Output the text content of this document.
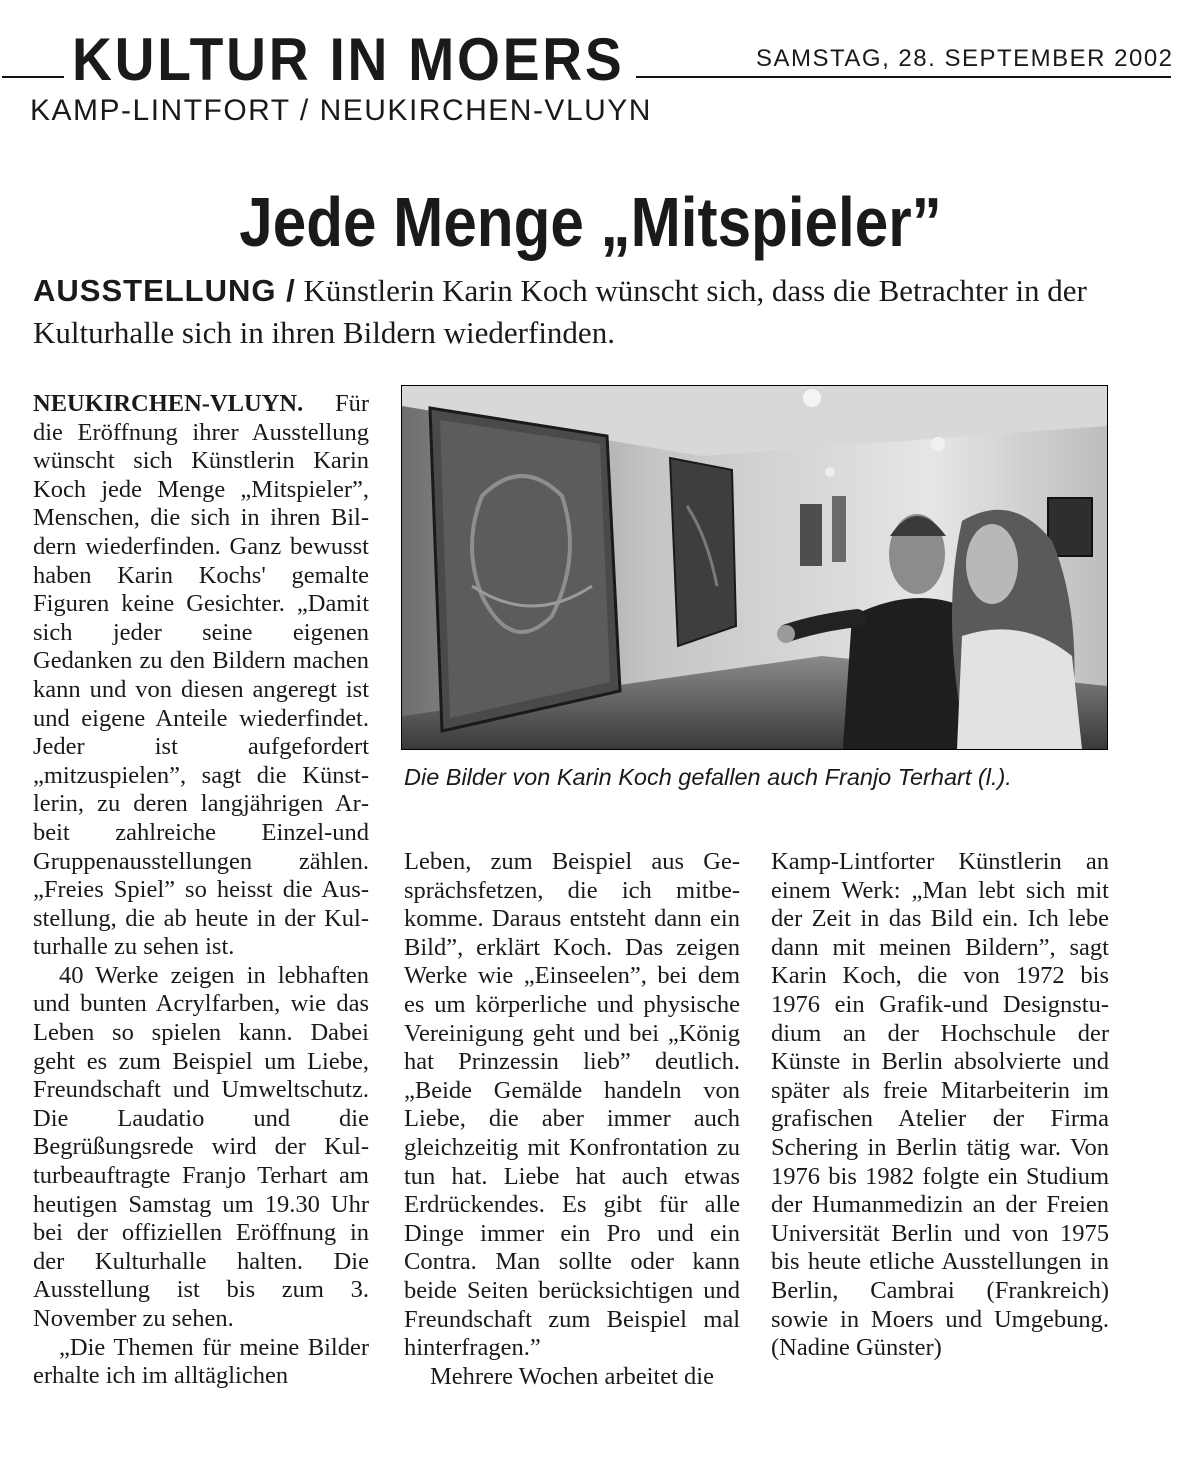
KULTUR IN MOERS	SAMSTAG, 28. SEPTEMBER 2002
KAMP-LINTFORT / NEUKIRCHEN-VLUYN
Jede Menge „Mitspieler”
AUSSTELLUNG / Künstlerin Karin Koch wünscht sich, dass die Betrachter in der Kulturhalle sich in ihren Bildern wiederfinden.

NEUKIRCHEN-VLUYN. Für die Eröffnung ihrer Ausstellung wünscht sich Künstlerin Karin Koch jede Menge „Mitspieler”, Menschen, die sich in ihren Bildern wiederfinden. Ganz bewusst haben Karin Kochs' gemalte Figuren keine Gesichter. „Damit sich jeder seine eigenen Gedanken zu den Bildern machen kann und von diesen angeregt ist und eigene Anteile wiederfindet. Jeder ist aufgefordert „mitzuspielen”, sagt die Künstlerin, zu deren langjährigen Arbeit zahlreiche Einzel-und Gruppenausstellungen zählen. „Freies Spiel” so heisst die Ausstellung, die ab heute in der Kulturhalle zu sehen ist.

40 Werke zeigen in lebhaften und bunten Acrylfarben, wie das Leben so spielen kann. Dabei geht es zum Beispiel um Liebe, Freundschaft und Umweltschutz. Die Laudatio und die Begrüßungsrede wird der Kulturbeauftragte Franjo Terhart am heutigen Samstag um 19.30 Uhr bei der offiziellen Eröffnung in der Kulturhalle halten. Die Ausstellung ist bis zum 3. November zu sehen.

„Die Themen für meine Bilder erhalte ich im alltäglichen

Die Bilder von Karin Koch gefallen auch Franjo Terhart (l.).

Leben, zum Beispiel aus Gesprächsfetzen, die ich mitbekomme. Daraus entsteht dann ein Bild”, erklärt Koch. Das zeigen Werke wie „Einseelen”, bei dem es um körperliche und physische Vereinigung geht und bei „König hat Prinzessin lieb” deutlich. „Beide Gemälde handeln von Liebe, die aber immer auch gleichzeitig mit Konfrontation zu tun hat. Liebe hat auch etwas Erdrückendes. Es gibt für alle Dinge immer ein Pro und ein Contra. Man sollte oder kann beide Seiten berücksichtigen und Freundschaft zum Beispiel mal hinterfragen.”

Mehrere Wochen arbeitet die

Kamp-Lintforter Künstlerin an einem Werk: „Man lebt sich mit der Zeit in das Bild ein. Ich lebe dann mit meinen Bildern”, sagt Karin Koch, die von 1972 bis 1976 ein Grafik-und Designstudium an der Hochschule der Künste in Berlin absolvierte und später als freie Mitarbeiterin im grafischen Atelier der Firma Schering in Berlin tätig war. Von 1976 bis 1982 folgte ein Studium der Humanmedizin an der Freien Universität Berlin und von 1975 bis heute etliche Ausstellungen in Berlin, Cambrai (Frankreich) sowie in Moers und Umgebung. (Nadine Günster)
